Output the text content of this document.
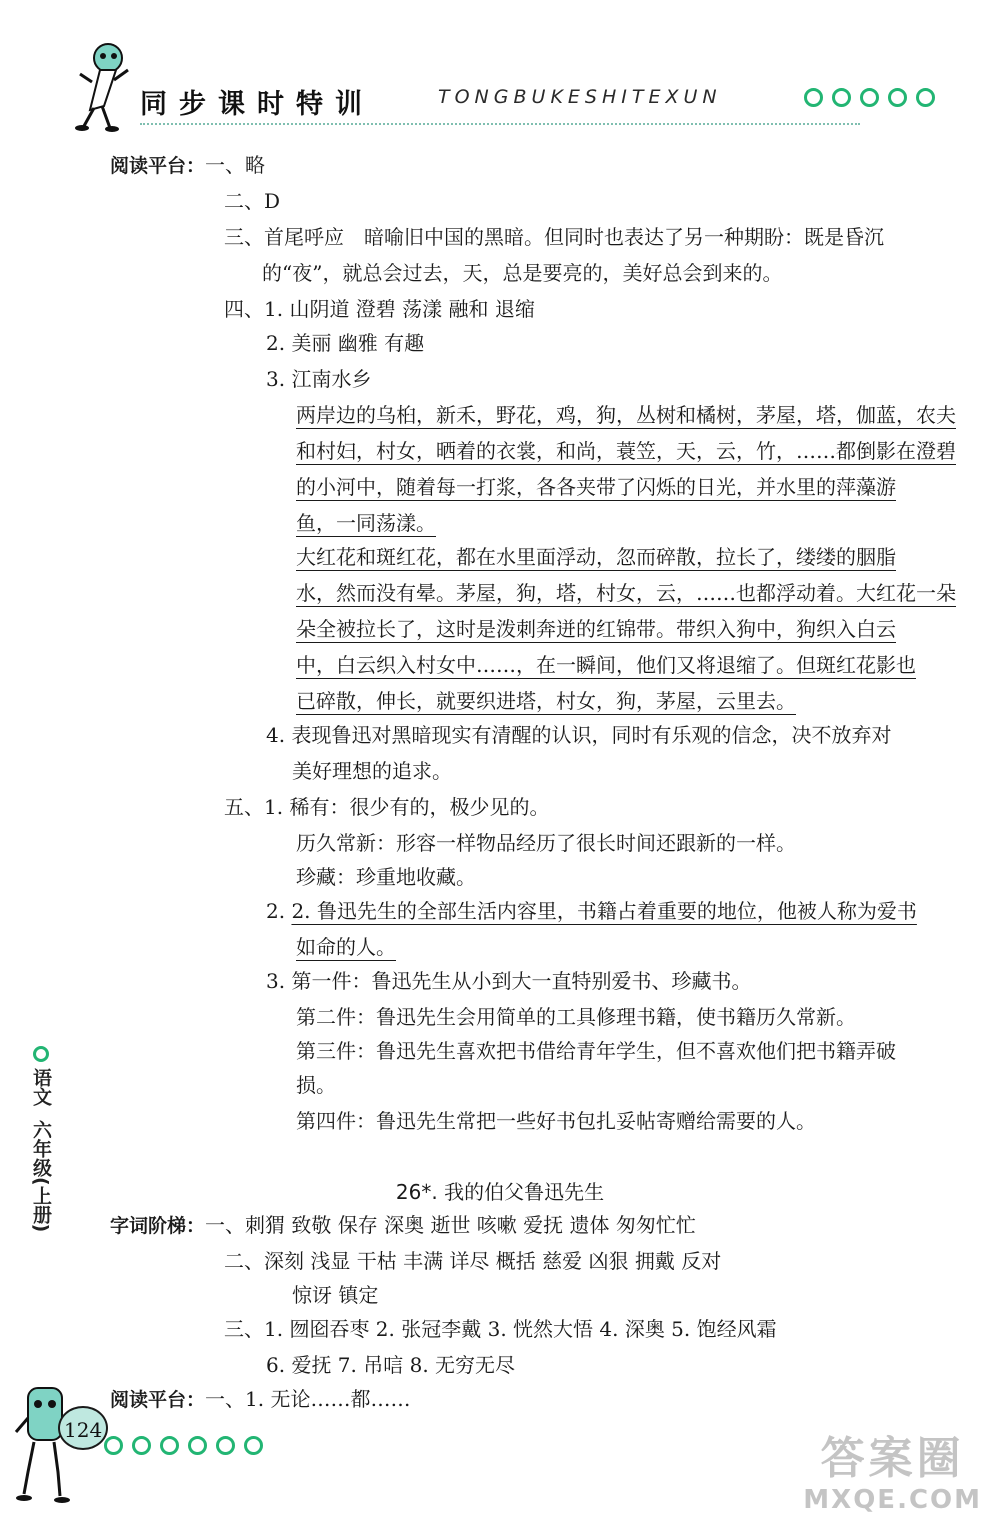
同步课时特训	TONGBUKESHITEXUN
阅读平台：一、略
二、D
三、首尾呼应　暗喻旧中国的黑暗。但同时也表达了另一种期盼：既是昏沉
的“夜”，就总会过去，天，总是要亮的，美好总会到来的。
四、1. 山阴道 澄碧 荡漾 融和 退缩
2. 美丽 幽雅 有趣
3. 江南水乡
两岸边的乌桕，新禾，野花，鸡，狗，丛树和橘树，茅屋，塔，伽蓝，农夫
和村妇，村女，晒着的衣裳，和尚，蓑笠，天，云，竹，……都倒影在澄碧
的小河中，随着每一打浆，各各夹带了闪烁的日光，并水里的萍藻游
鱼，一同荡漾。
大红花和斑红花，都在水里面浮动，忽而碎散，拉长了，缕缕的胭脂
水，然而没有晕。茅屋，狗，塔，村女，云，……也都浮动着。大红花一朵
朵全被拉长了，这时是泼刺奔迸的红锦带。带织入狗中，狗织入白云
中，白云织入村女中……，在一瞬间，他们又将退缩了。但斑红花影也
已碎散，伸长，就要织进塔，村女，狗，茅屋，云里去。
4. 表现鲁迅对黑暗现实有清醒的认识，同时有乐观的信念，决不放弃对
美好理想的追求。
五、1. 稀有：很少有的，极少见的。
历久常新：形容一样物品经历了很长时间还跟新的一样。
珍藏：珍重地收藏。
2. 2. 鲁迅先生的全部生活内容里，书籍占着重要的地位，他被人称为爱书
如命的人。
3. 第一件：鲁迅先生从小到大一直特别爱书、珍藏书。
第二件：鲁迅先生会用简单的工具修理书籍，使书籍历久常新。
第三件：鲁迅先生喜欢把书借给青年学生，但不喜欢他们把书籍弄破
损。
第四件：鲁迅先生常把一些好书包扎妥帖寄赠给需要的人。
26*. 我的伯父鲁迅先生
字词阶梯：一、刺猬 致敬 保存 深奥 逝世 咳嗽 爱抚 遗体 匆匆忙忙
二、深刻 浅显 干枯 丰满 详尽 概括 慈爱 凶狠 拥戴 反对
惊讶 镇定
三、1. 囫囵吞枣 2. 张冠李戴 3. 恍然大悟 4. 深奥 5. 饱经风霜
6. 爱抚 7. 吊唁 8. 无穷无尽
阅读平台：一、1. 无论……都……
语文
六年级(上册)
124
答案圈
MXQE.COM
